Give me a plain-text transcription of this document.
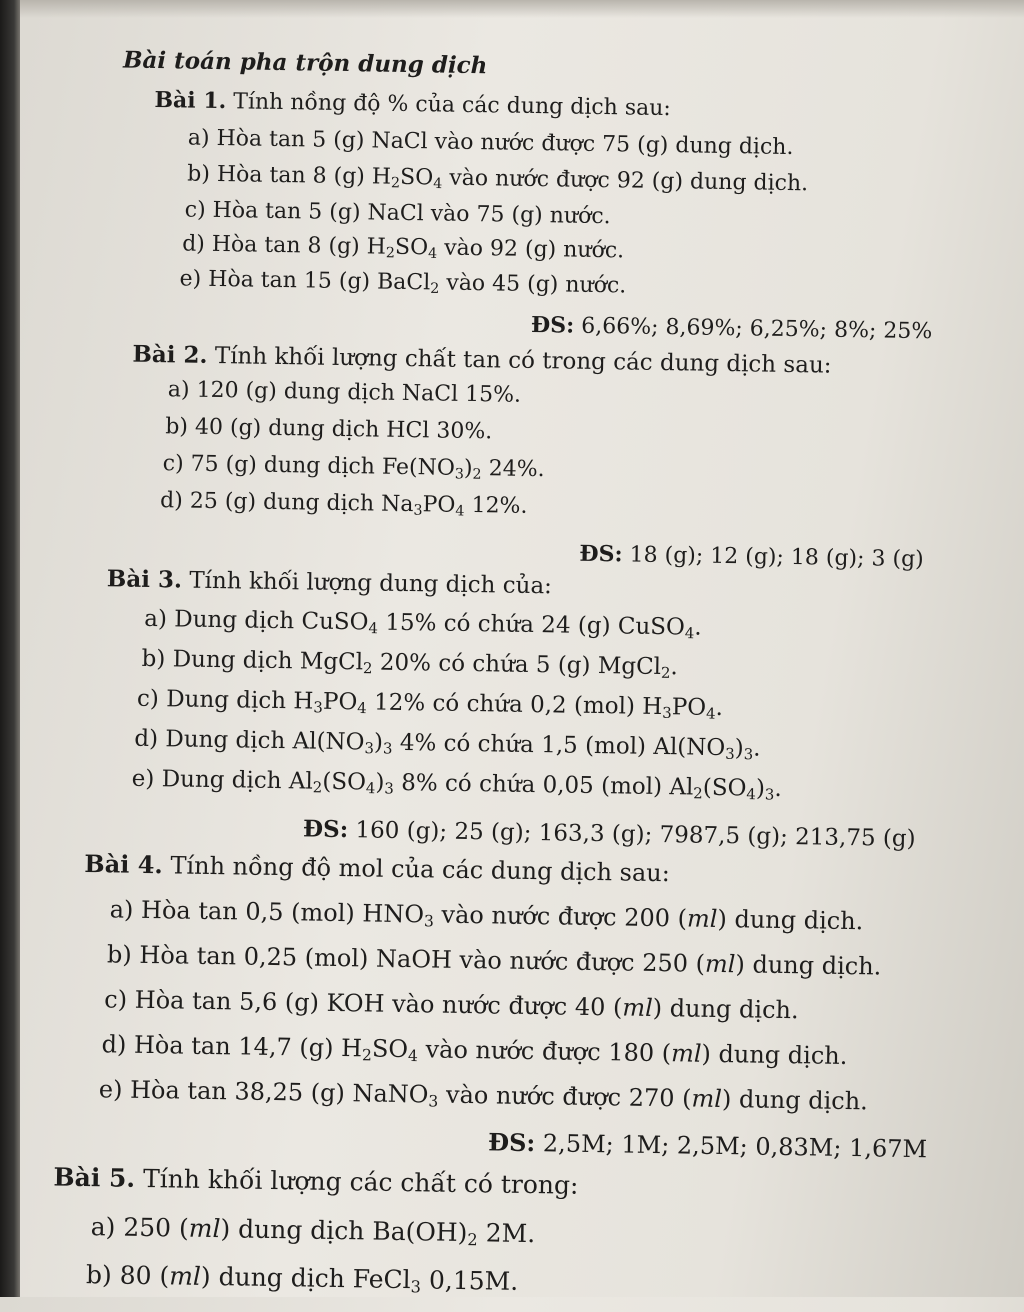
Bài toán pha trộn dung dịch
Bài 1. Tính nồng độ % của các dung dịch sau:
a) Hòa tan 5 (g) NaCl vào nước được 75 (g) dung dịch.
b) Hòa tan 8 (g) $H_2SO_4$ vào nước được 92 (g) dung dịch.
c) Hòa tan 5 (g) NaCl vào 75 (g) nước.
d) Hòa tan 8 (g) $H_2SO_4$ vào 92 (g) nước.
e) Hòa tan 15 (g) BaCl$_2$ vào 45 (g) nước.
ĐS: 6,66%; 8,69%; 6,25%; 8%; 25%
Bài 2. Tính khối lượng chất tan có trong các dung dịch sau:
a) 120 (g) dung dịch NaCl 15%.
b) 40 (g) dung dịch HCl 30%.
c) 75 (g) dung dịch $Fe(NO_3)_2$ 24%.
d) 25 (g) dung dịch $Na_3PO_4$ 12%.
ĐS: 18 (g); 12 (g); 18 (g); 3 (g)
Bài 3. Tính khối lượng dung dịch của:
a) Dung dịch CuSO$_4$ 15% có chứa 24 (g) CuSO$_4$.
b) Dung dịch MgCl$_2$ 20% có chứa 5 (g) MgCl$_2$.
c) Dung dịch $H_3PO_4$ 12% có chứa 0,2 (mol) $H_3PO_4$.
d) Dung dịch $Al(NO_3)_3$ 4% có chứa 1,5 (mol) $Al(NO_3)_3$.
e) Dung dịch $Al_2(SO_4)_3$ 8% có chứa 0,05 (mol) $Al_2(SO_4)_3$.
ĐS: 160 (g); 25 (g); 163,3 (g); 7987,5 (g); 213,75 (g)
Bài 4. Tính nồng độ mol của các dung dịch sau:
a) Hòa tan 0,5 (mol) $HNO_3$ vào nước được 200 (ml) dung dịch.
b) Hòa tan 0,25 (mol) NaOH vào nước được 250 (ml) dung dịch.
c) Hòa tan 5,6 (g) KOH vào nước được 40 (ml) dung dịch.
d) Hòa tan 14,7 (g) $H_2SO_4$ vào nước được 180 (ml) dung dịch.
e) Hòa tan 38,25 (g) NaNO$_3$ vào nước được 270 (ml) dung dịch.
ĐS: 2,5M; 1M; 2,5M; 0,83M; 1,67M
Bài 5. Tính khối lượng các chất có trong:
a) 250 (ml) dung dịch $Ba(OH)_2$ 2M.
b) 80 (ml) dung dịch FeCl$_3$ 0,15M.
